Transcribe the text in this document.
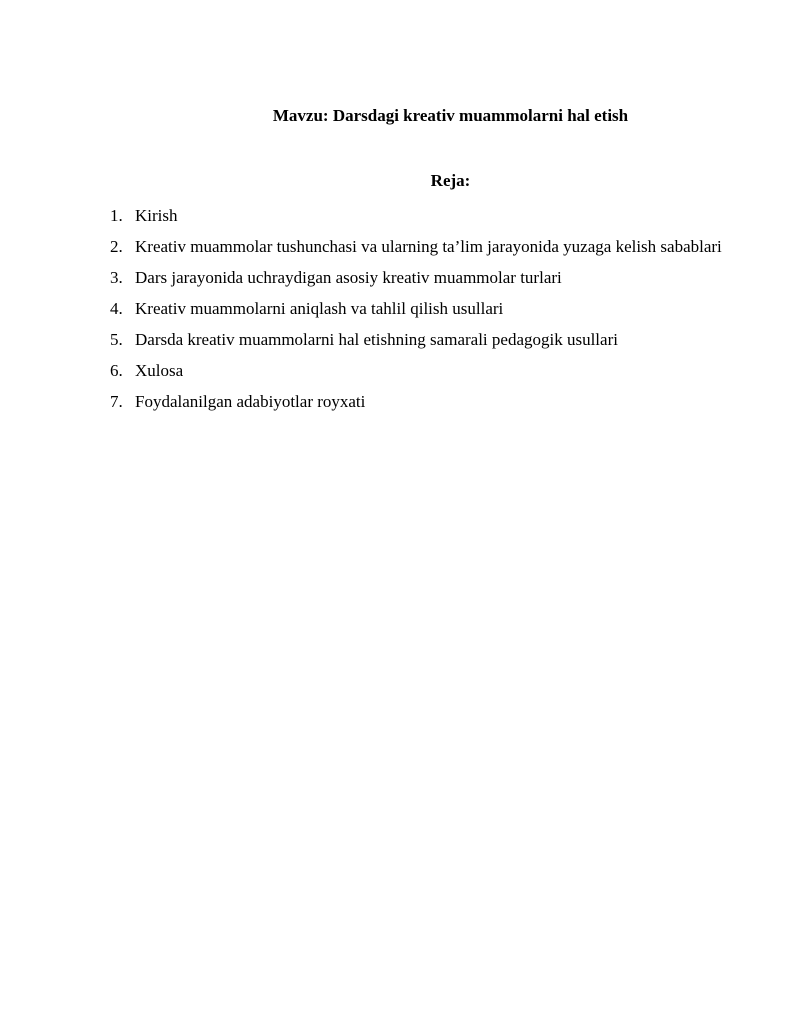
Mavzu: Darsdagi kreativ muammolarni hal etish
Reja:
1. Kirish
2. Kreativ muammolar tushunchasi va ularning ta’lim jarayonida yuzaga kelish sabablari
3. Dars jarayonida uchraydigan asosiy kreativ muammolar turlari
4. Kreativ muammolarni aniqlash va tahlil qilish usullari
5. Darsda kreativ muammolarni hal etishning samarali pedagogik usullari
6. Xulosa
7. Foydalanilgan adabiyotlar royxati
